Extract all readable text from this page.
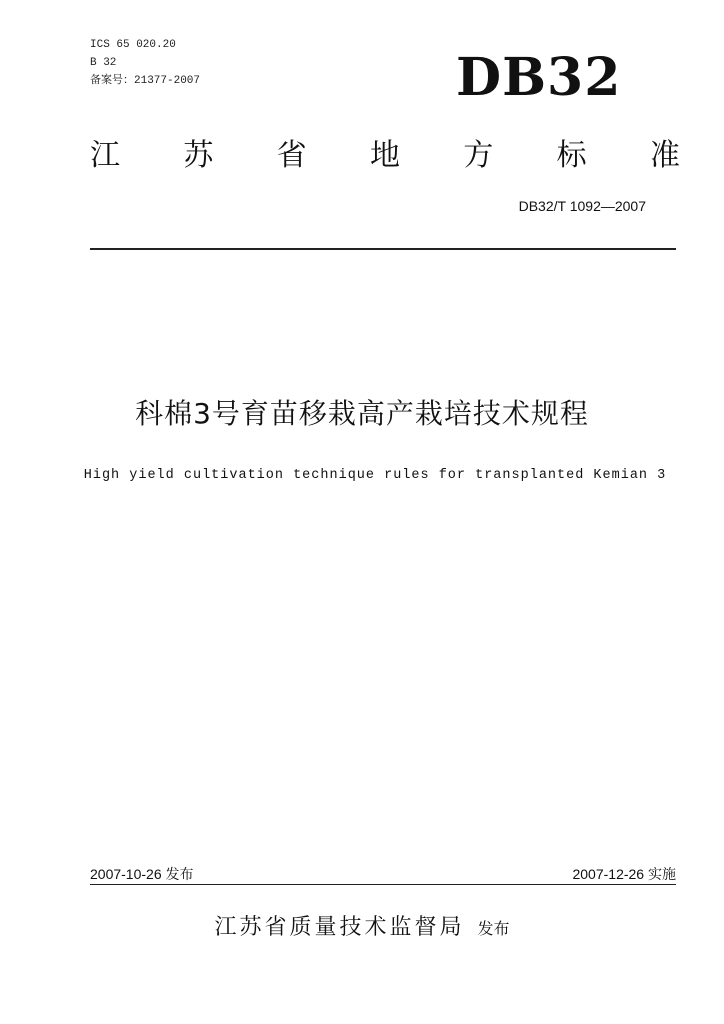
ICS 65 020.20
B 32
备案号：21377-2007	DB32
江 苏 省 地 方 标 准
DB32/T 1092—2007
科棉3号育苗移栽高产栽培技术规程
High yield cultivation technique rules for transplanted Kemian 3
2007-10-26 发布	2007-12-26 实施
江苏省质量技术监督局 发布
